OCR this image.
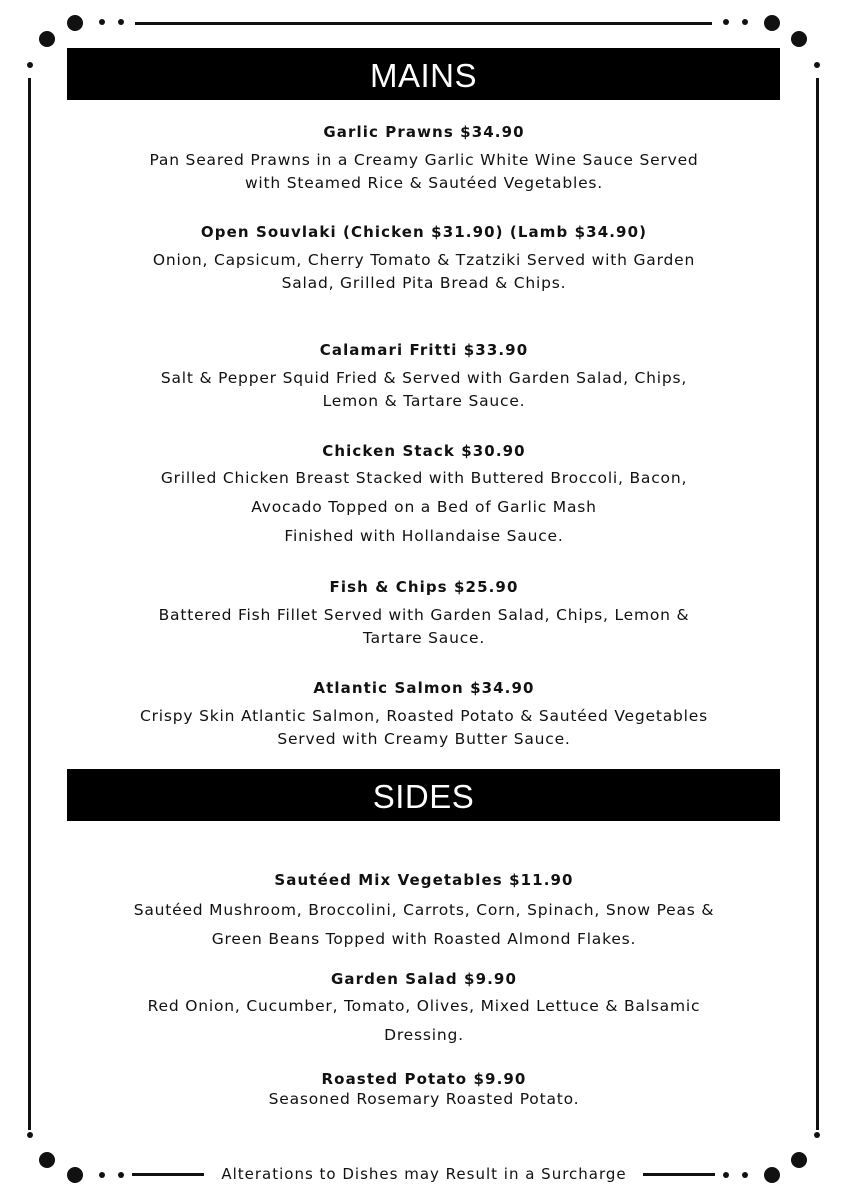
MAINS
Garlic Prawns $34.90
Pan Seared Prawns in a Creamy Garlic White Wine Sauce Served
with Steamed Rice & Sautéed Vegetables.
Open Souvlaki (Chicken $31.90) (Lamb $34.90)
Onion, Capsicum, Cherry Tomato & Tzatziki Served with Garden
Salad, Grilled Pita Bread & Chips.
Calamari Fritti $33.90
Salt & Pepper Squid Fried & Served with Garden Salad, Chips,
Lemon & Tartare Sauce.
Chicken Stack $30.90
Grilled Chicken Breast Stacked with Buttered Broccoli, Bacon,
Avocado Topped on a Bed of Garlic Mash
Finished with Hollandaise Sauce.
Fish & Chips $25.90
Battered Fish Fillet Served with Garden Salad, Chips, Lemon &
Tartare Sauce.
Atlantic Salmon $34.90
Crispy Skin Atlantic Salmon, Roasted Potato & Sautéed Vegetables
Served with Creamy Butter Sauce.
SIDES
Sautéed Mix Vegetables $11.90
Sautéed Mushroom, Broccolini, Carrots, Corn, Spinach, Snow Peas &
Green Beans Topped with Roasted Almond Flakes.
Garden Salad $9.90
Red Onion, Cucumber, Tomato, Olives, Mixed Lettuce & Balsamic
Dressing.
Roasted Potato $9.90
Seasoned Rosemary Roasted Potato.
Alterations to Dishes may Result in a Surcharge
